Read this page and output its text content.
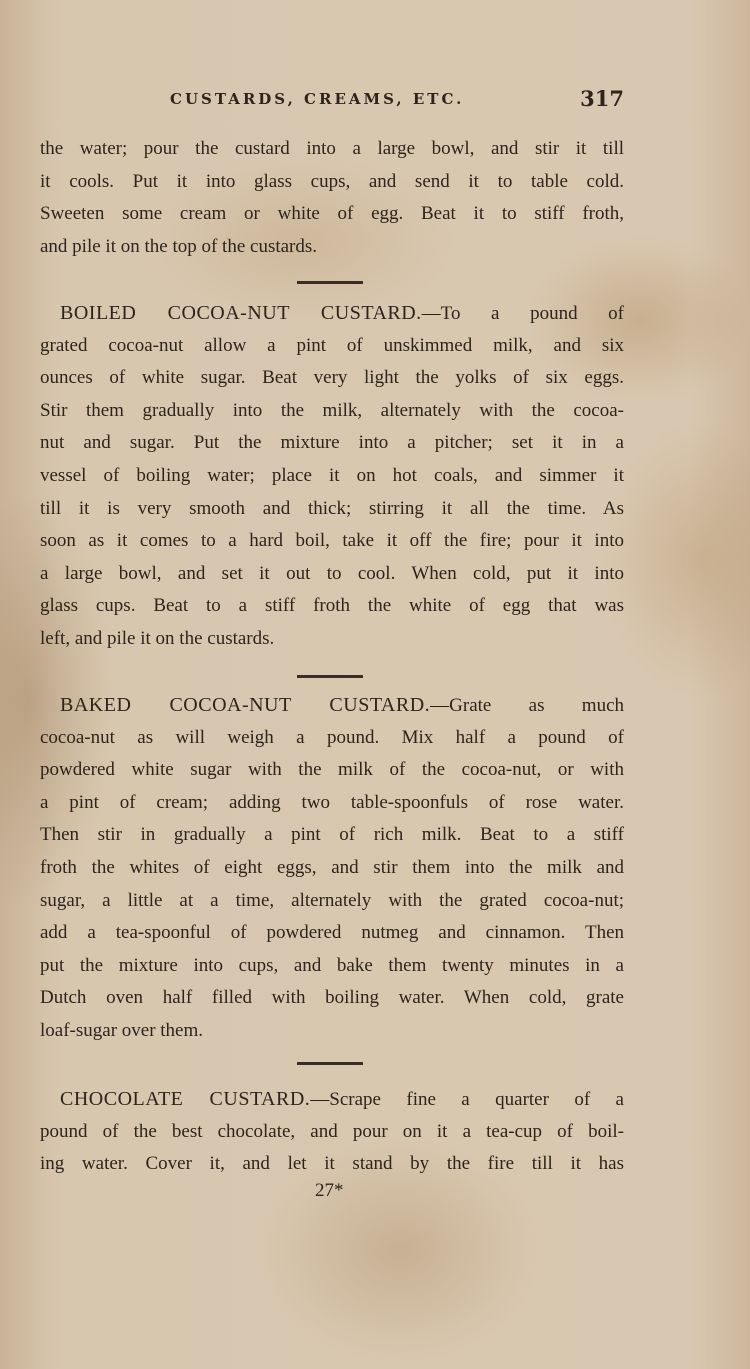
CUSTARDS, CREAMS, ETC.	317
the water; pour the custard into a large bowl, and stir it till
it cools. Put it into glass cups, and send it to table cold.
Sweeten some cream or white of egg. Beat it to stiff froth,
and pile it on the top of the custards.
BOILED COCOA-NUT CUSTARD.—To a pound of
grated cocoa-nut allow a pint of unskimmed milk, and six
ounces of white sugar. Beat very light the yolks of six eggs.
Stir them gradually into the milk, alternately with the cocoa-
nut and sugar. Put the mixture into a pitcher; set it in a
vessel of boiling water; place it on hot coals, and simmer it
till it is very smooth and thick; stirring it all the time. As
soon as it comes to a hard boil, take it off the fire; pour it into
a large bowl, and set it out to cool. When cold, put it into
glass cups. Beat to a stiff froth the white of egg that was
left, and pile it on the custards.
BAKED COCOA-NUT CUSTARD.—Grate as much
cocoa-nut as will weigh a pound. Mix half a pound of
powdered white sugar with the milk of the cocoa-nut, or with
a pint of cream; adding two table-spoonfuls of rose water.
Then stir in gradually a pint of rich milk. Beat to a stiff
froth the whites of eight eggs, and stir them into the milk and
sugar, a little at a time, alternately with the grated cocoa-nut;
add a tea-spoonful of powdered nutmeg and cinnamon. Then
put the mixture into cups, and bake them twenty minutes in a
Dutch oven half filled with boiling water. When cold, grate
loaf-sugar over them.
CHOCOLATE CUSTARD.—Scrape fine a quarter of a
pound of the best chocolate, and pour on it a tea-cup of boil-
ing water. Cover it, and let it stand by the fire till it has
27*
